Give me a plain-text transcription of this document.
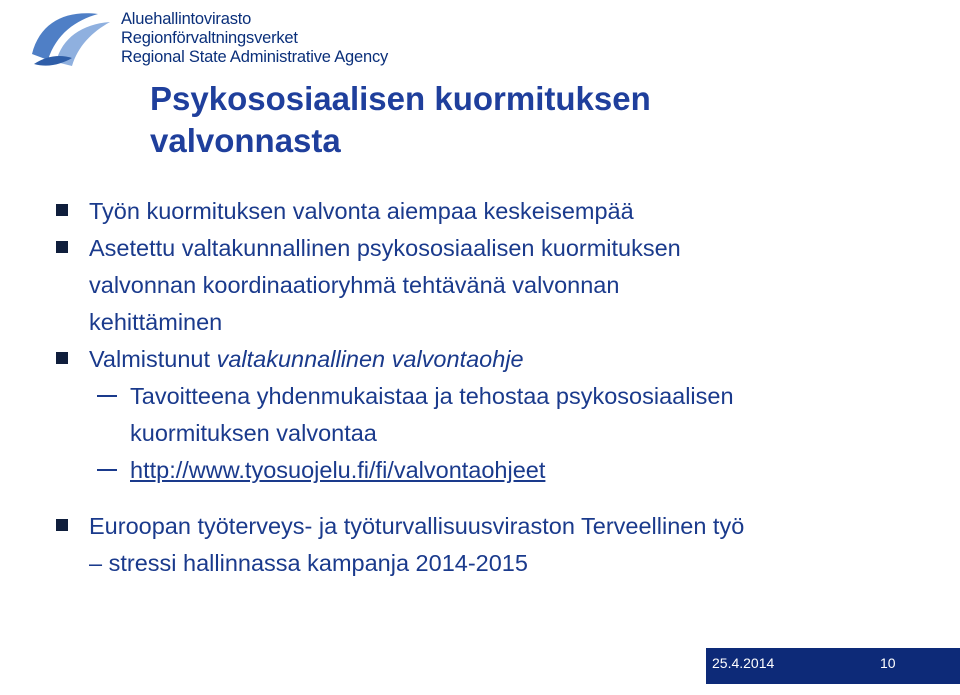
Aluehallintovirasto
Regionförvaltningsverket
Regional State Administrative Agency
Psykososiaalisen kuormituksen
valvonnasta
Työn kuormituksen valvonta aiempaa keskeisempää
Asetettu valtakunnallinen psykososiaalisen kuormituksen
valvonnan koordinaatioryhmä tehtävänä valvonnan
kehittäminen
Valmistunut valtakunnallinen valvontaohje
Tavoitteena yhdenmukaistaa ja tehostaa psykososiaalisen
kuormituksen valvontaa
http://www.tyosuojelu.fi/fi/valvontaohjeet
Euroopan työterveys- ja työturvallisuusviraston Terveellinen työ
– stressi hallinnassa kampanja 2014-2015
25.4.2014	10
